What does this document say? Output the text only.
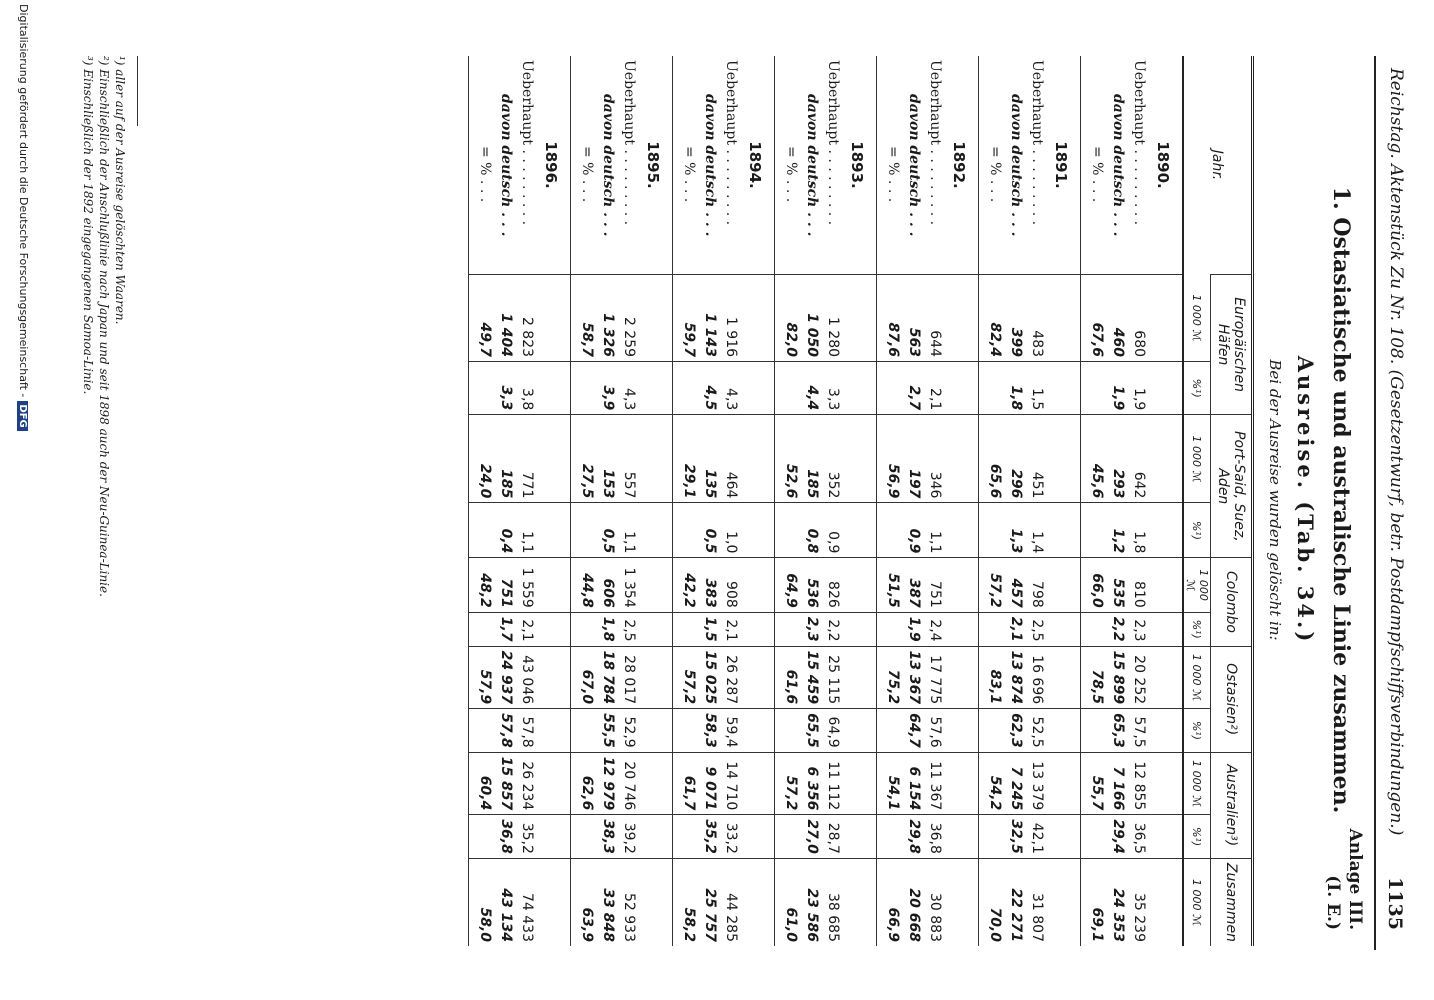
Reichstag. Aktenstück Zu Nr. 108. (Gesetzentwurf, betr. Postdampfschiffsverbindungen.)
1135
Anlage III.
(I. E.)
1. Ostasiatische und australische Linie zusammen.
Ausreise. (Tab. 34.)
Bei der Ausreise wurden gelöscht in:
Jahr.	Europäischen Häfen		Port-Said, Suez, Aden		Colombo		Ostasien²)		Australien³)		Zusammen
	1 000 ℳ	%¹)	1 000 ℳ	%¹)	1 000 ℳ	%¹)	1 000 ℳ	%¹)	1 000 ℳ	%¹)	1 000 ℳ
1890.											
Ueberhaupt . . . . . . . . .	680	1,9	642	1,8	810	2,3	20 252	57,5	12 855	36,5	35 239
davon deutsch . . .	460	1,9	293	1,2	535	2,2	15 899	65,3	7 166	29,4	24 353
= % . . .	67,6		45,6		66,0		78,5		55,7		69,1
1891.											
Ueberhaupt . . . . . . . . .	483	1,5	451	1,4	798	2,5	16 696	52,5	13 379	42,1	31 807
davon deutsch . . .	399	1,8	296	1,3	457	2,1	13 874	62,3	7 245	32,5	22 271
= % . . .	82,4		65,6		57,2		83,1		54,2		70,0
1892.											
Ueberhaupt . . . . . . . . .	644	2,1	346	1,1	751	2,4	17 775	57,6	11 367	36,8	30 883
davon deutsch . . .	563	2,7	197	0,9	387	1,9	13 367	64,7	6 154	29,8	20 668
= % . . .	87,6		56,9		51,5		75,2		54,1		66,9
1893.											
Ueberhaupt . . . . . . . . .	1 280	3,3	352	0,9	826	2,2	25 115	64,9	11 112	28,7	38 685
davon deutsch . . .	1 050	4,4	185	0,8	536	2,3	15 459	65,5	6 356	27,0	23 586
= % . . .	82,0		52,6		64,9		61,6		57,2		61,0
1894.											
Ueberhaupt . . . . . . . . .	1 916	4,3	464	1,0	908	2,1	26 287	59,4	14 710	33,2	44 285
davon deutsch . . .	1 143	4,5	135	0,5	383	1,5	15 025	58,3	9 071	35,2	25 757
= % . . .	59,7		29,1		42,2		57,2		61,7		58,2
1895.											
Ueberhaupt . . . . . . . . .	2 259	4,3	557	1,1	1 354	2,5	28 017	52,9	20 746	39,2	52 933
davon deutsch . . .	1 326	3,9	153	0,5	606	1,8	18 784	55,5	12 979	38,3	33 848
= % . . .	58,7		27,5		44,8		67,0		62,6		63,9
1896.											
Ueberhaupt . . . . . . . . .	2 823	3,8	771	1,1	1 559	2,1	43 046	57,8	26 234	35,2	74 433
davon deutsch . . .	1 404	3,3	185	0,4	751	1,7	24 937	57,8	15 857	36,8	43 134
= % . . .	49,7		24,0		48,2		57,9		60,4		58,0
¹) aller auf der Ausreise gelöschten Waaren.
²) Einschließlich der Anschlußlinie nach Japan und seit 1898 auch der Neu-Guinea-Linie.
³) Einschließlich der 1892 eingegangenen Samoa-Linie.
Digitalisierung gefördert durch die Deutsche Forschungsgemeinschaft -DFG
